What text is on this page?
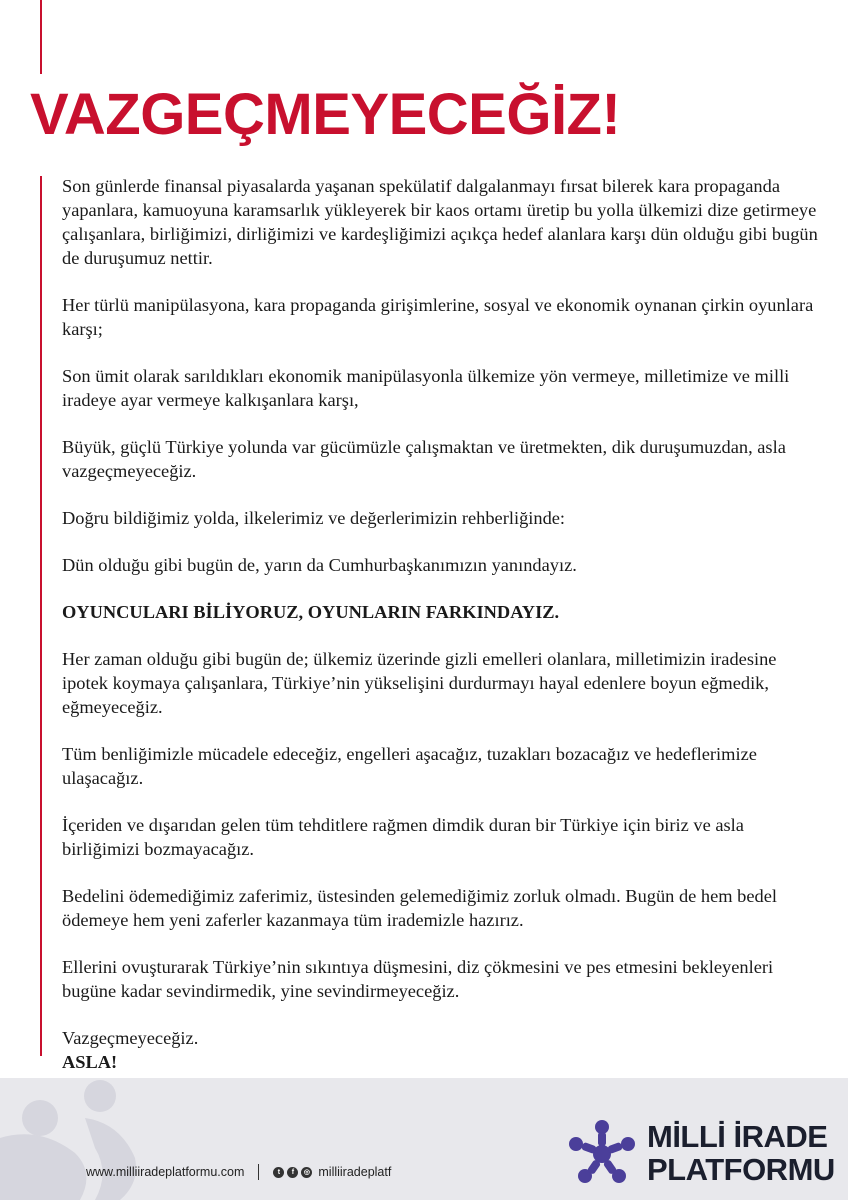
VAZGEÇMEYECEĞİZ!

Son günlerde finansal piyasalarda yaşanan spekülatif dalgalanmayı fırsat bilerek kara propaganda yapanlara, kamuoyuna karamsarlık yükleyerek bir kaos ortamı üretip bu yolla ülkemizi dize getirmeye çalışanlara, birliğimizi, dirliğimizi ve kardeşliğimizi açıkça hedef alanlara karşı dün olduğu gibi bugün de duruşumuz nettir.

Her türlü manipülasyona, kara propaganda girişimlerine, sosyal ve ekonomik oynanan çirkin oyunlara karşı;

Son ümit olarak sarıldıkları ekonomik manipülasyonla ülkemize yön vermeye, milletimize ve milli iradeye ayar vermeye kalkışanlara karşı,

Büyük, güçlü Türkiye yolunda var gücümüzle çalışmaktan ve üretmekten, dik duruşumuzdan, asla vazgeçmeyeceğiz.

Doğru bildiğimiz yolda, ilkelerimiz ve değerlerimizin rehberliğinde:

Dün olduğu gibi bugün de, yarın da Cumhurbaşkanımızın yanındayız.

OYUNCULARI BİLİYORUZ, OYUNLARIN FARKINDAYIZ.

Her zaman olduğu gibi bugün de; ülkemiz üzerinde gizli emelleri olanlara, milletimizin iradesine ipotek koymaya çalışanlara, Türkiye’nin yükselişini durdurmayı hayal edenlere boyun eğmedik, eğmeyeceğiz.

Tüm benliğimizle mücadele edeceğiz, engelleri aşacağız, tuzakları bozacağız ve hedeflerimize ulaşacağız.

İçeriden ve dışarıdan gelen tüm tehditlere rağmen dimdik duran bir Türkiye için biriz ve asla birliğimizi bozmayacağız.

Bedelini ödemediğimiz zaferimiz, üstesinden gelemediğimiz zorluk olmadı. Bugün de hem bedel ödemeye hem yeni zaferler kazanmaya tüm irademizle hazırız.

Ellerini ovuşturarak Türkiye’nin sıkıntıya düşmesini, diz çökmesini ve pes etmesini bekleyenleri bugüne kadar sevindirmedik, yine sevindirmeyeceğiz.

Vazgeçmeyeceğiz.
ASLA!
www.milliiradeplatformu.com	t	f	◎ milliiradeplatf
MİLLİ İRADE
PLATFORMU
